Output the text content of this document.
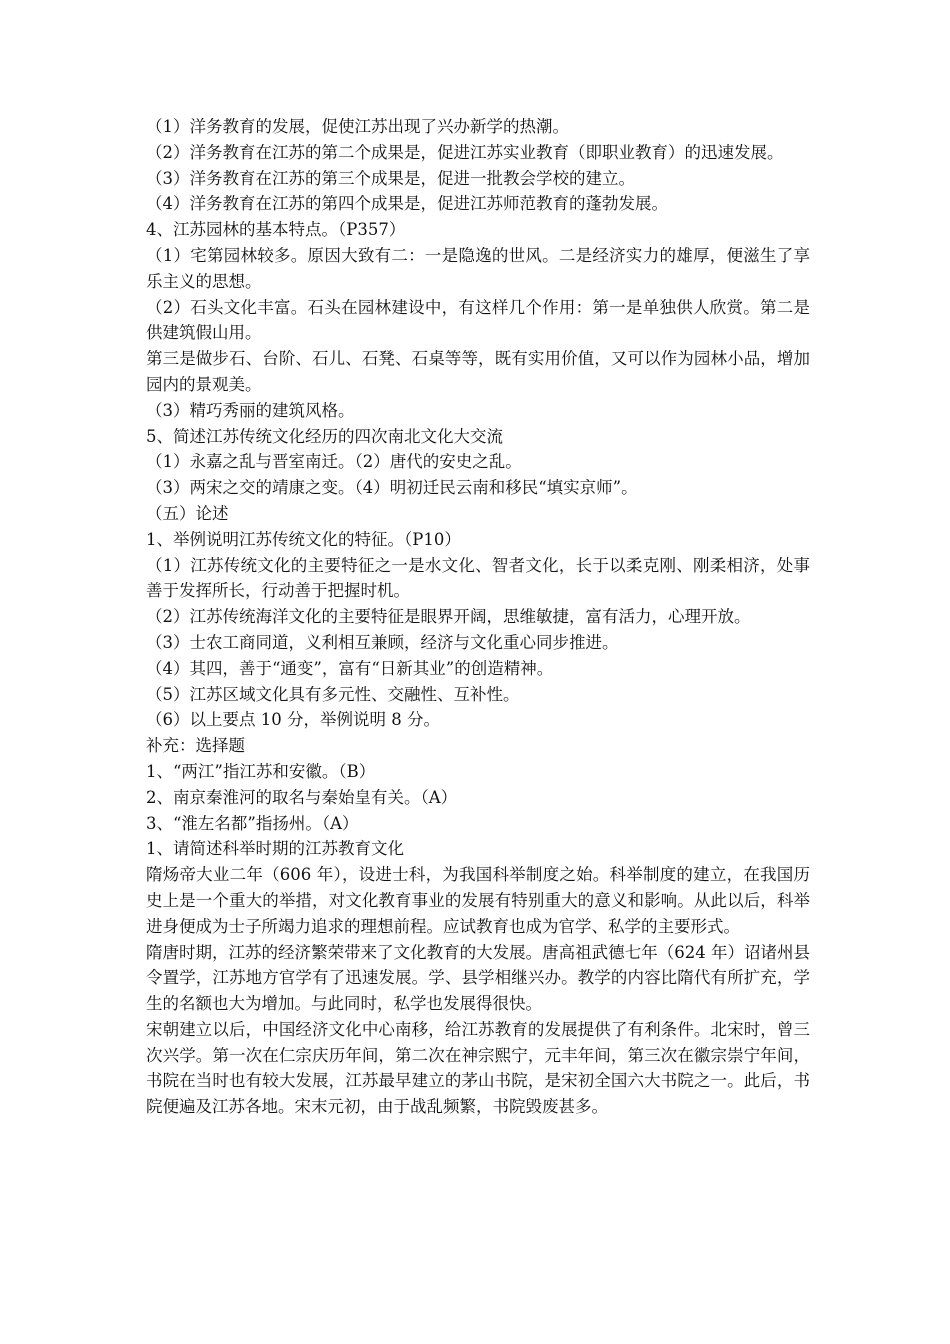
（1）洋务教育的发展，促使江苏出现了兴办新学的热潮。

（2）洋务教育在江苏的第二个成果是，促进江苏实业教育（即职业教育）的迅速发展。

（3）洋务教育在江苏的第三个成果是，促进一批教会学校的建立。

（4）洋务教育在江苏的第四个成果是，促进江苏师范教育的蓬勃发展。

4、江苏园林的基本特点。（P357）

（1）宅第园林较多。原因大致有二：一是隐逸的世风。二是经济实力的雄厚，便滋生了享乐主义的思想。

（2）石头文化丰富。石头在园林建设中，有这样几个作用：第一是单独供人欣赏。第二是供建筑假山用。

第三是做步石、台阶、石儿、石凳、石桌等等，既有实用价值，又可以作为园林小品，增加园内的景观美。

（3）精巧秀丽的建筑风格。

5、简述江苏传统文化经历的四次南北文化大交流

（1）永嘉之乱与晋室南迁。（2）唐代的安史之乱。

（3）两宋之交的靖康之变。（4）明初迁民云南和移民“填实京师”。

（五）论述

1、举例说明江苏传统文化的特征。（P10）

（1）江苏传统文化的主要特征之一是水文化、智者文化，长于以柔克刚、刚柔相济，处事善于发挥所长，行动善于把握时机。

（2）江苏传统海洋文化的主要特征是眼界开阔，思维敏捷，富有活力，心理开放。

（3）士农工商同道，义利相互兼顾，经济与文化重心同步推进。

（4）其四，善于“通变”，富有“日新其业”的创造精神。

（5）江苏区域文化具有多元性、交融性、互补性。

（6）以上要点 10 分，举例说明 8 分。

补充：选择题

1、“两江”指江苏和安徽。（B）

2、南京秦淮河的取名与秦始皇有关。（A）

3、“淮左名都”指扬州。（A）

1、请简述科举时期的江苏教育文化

隋炀帝大业二年（606 年），设进士科，为我国科举制度之始。科举制度的建立，在我国历史上是一个重大的举措，对文化教育事业的发展有特别重大的意义和影响。从此以后，科举进身便成为士子所竭力追求的理想前程。应试教育也成为官学、私学的主要形式。

隋唐时期，江苏的经济繁荣带来了文化教育的大发展。唐高祖武德七年（624 年）诏诸州县令置学，江苏地方官学有了迅速发展。学、县学相继兴办。教学的内容比隋代有所扩充，学生的名额也大为增加。与此同时，私学也发展得很快。

宋朝建立以后，中国经济文化中心南移，给江苏教育的发展提供了有利条件。北宋时，曾三次兴学。第一次在仁宗庆历年间，第二次在神宗熙宁，元丰年间，第三次在徽宗崇宁年间，书院在当时也有较大发展，江苏最早建立的茅山书院，是宋初全国六大书院之一。此后，书院便遍及江苏各地。宋末元初，由于战乱频繁，书院毁废甚多。
